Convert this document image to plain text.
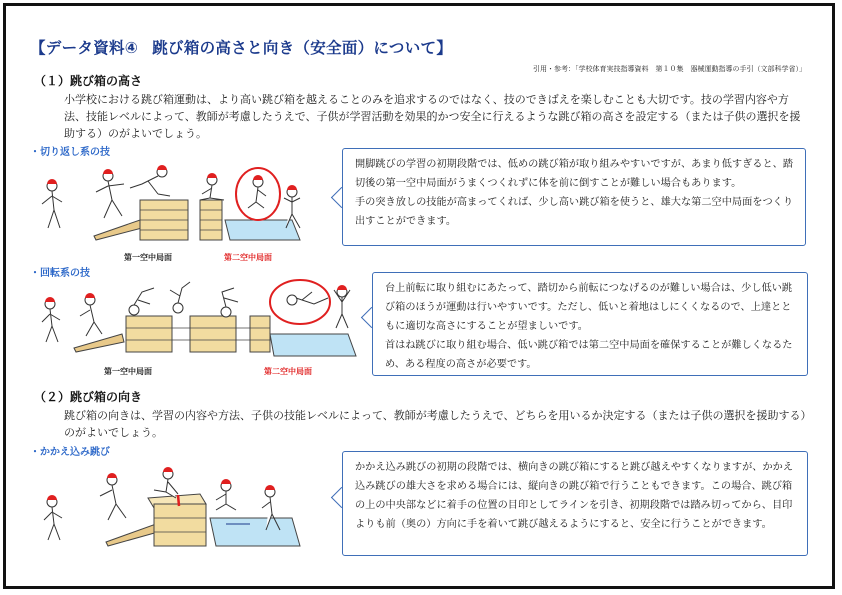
【データ資料④ 跳び箱の高さと向き（安全面）について】
引用・参考：「学校体育実技指導資料　第１０集　器械運動指導の手引（文部科学省）」
（１）跳び箱の高さ
小学校における跳び箱運動は、より高い跳び箱を越えることのみを追求するのではなく、技のできばえを楽しむことも大切です。技の学習内容や方法、技能レベルによって、教師が考慮したうえで、子供が学習活動を効果的かつ安全に行えるような跳び箱の高さを設定する（または子供の選択を援助する）のがよいでしょう。
・切り返し系の技
第一空中局面	第二空中局面
開脚跳びの学習の初期段階では、低めの跳び箱が取り組みやすいですが、あまり低すぎると、踏切後の第一空中局面がうまくつくれずに体を前に倒すことが難しい場合もあります。
手の突き放しの技能が高まってくれば、少し高い跳び箱を使うと、雄大な第二空中局面をつくり出すことができます。
・回転系の技
第一空中局面	第二空中局面
台上前転に取り組むにあたって、踏切から前転につなげるのが難しい場合は、少し低い跳び箱のほうが運動は行いやすいです。ただし、低いと着地はしにくくなるので、上達とともに適切な高さにすることが望ましいです。
首はね跳びに取り組む場合、低い跳び箱では第二空中局面を確保することが難しくなるため、ある程度の高さが必要です。
（２）跳び箱の向き
跳び箱の向きは、学習の内容や方法、子供の技能レベルによって、教師が考慮したうえで、どちらを用いるか決定する（または子供の選択を援助する）のがよいでしょう。
・かかえ込み跳び
かかえ込み跳びの初期の段階では、横向きの跳び箱にすると跳び越えやすくなりますが、かかえ込み跳びの雄大さを求める場合には、縦向きの跳び箱で行うこともできます。この場合、跳び箱の上の中央部などに着手の位置の目印としてラインを引き、初期段階では踏み切ってから、目印よりも前（奥の）方向に手を着いて跳び越えるようにすると、安全に行うことができます。
